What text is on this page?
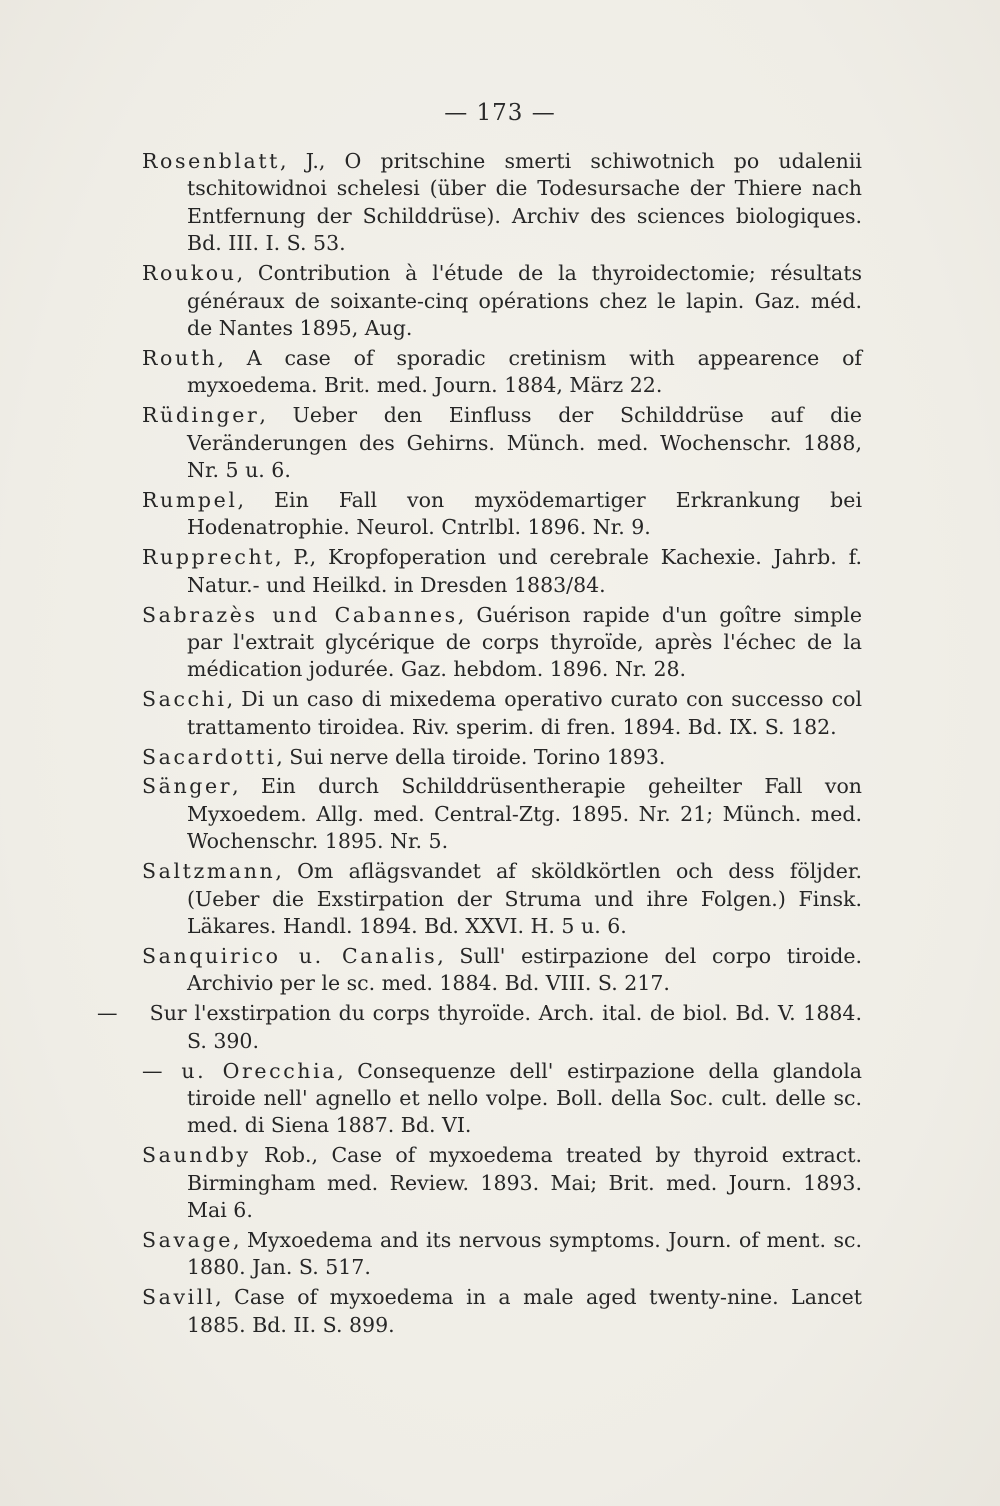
— 173 —

Rosenblatt, J., O pritschine smerti schiwotnich po udalenii tschitowidnoi schelesi (über die Todesursache der Thiere nach Entfernung der Schilddrüse). Archiv des sciences biologiques. Bd. III. I. S. 53.

Roukou, Contribution à l'étude de la thyroidectomie; résultats généraux de soixante-cinq opérations chez le lapin. Gaz. méd. de Nantes 1895, Aug.

Routh, A case of sporadic cretinism with appearence of myxoedema. Brit. med. Journ. 1884, März 22.

Rüdinger, Ueber den Einfluss der Schilddrüse auf die Veränderungen des Gehirns. Münch. med. Wochenschr. 1888, Nr. 5 u. 6.

Rumpel, Ein Fall von myxödemartiger Erkrankung bei Hodenatrophie. Neurol. Cntrlbl. 1896. Nr. 9.

Rupprecht, P., Kropfoperation und cerebrale Kachexie. Jahrb. f. Natur.- und Heilkd. in Dresden 1883/84.

Sabrazès und Cabannes, Guérison rapide d'un goître simple par l'extrait glycérique de corps thyroïde, après l'échec de la médication jodurée. Gaz. hebdom. 1896. Nr. 28.

Sacchi, Di un caso di mixedema operativo curato con successo col trattamento tiroidea. Riv. sperim. di fren. 1894. Bd. IX. S. 182.

Sacardotti, Sui nerve della tiroide. Torino 1893.

Sänger, Ein durch Schilddrüsentherapie geheilter Fall von Myxoedem. Allg. med. Central-Ztg. 1895. Nr. 21; Münch. med. Wochenschr. 1895. Nr. 5.

Saltzmann, Om aflägsvandet af sköldkörtlen och dess följder. (Ueber die Exstirpation der Struma und ihre Folgen.) Finsk. Läkares. Handl. 1894. Bd. XXVI. H. 5 u. 6.

Sanquirico u. Canalis, Sull' estirpazione del corpo tiroide. Archivio per le sc. med. 1884. Bd. VIII. S. 217.

— Sur l'exstirpation du corps thyroïde. Arch. ital. de biol. Bd. V. 1884. S. 390.

— u. Orecchia, Consequenze dell' estirpazione della glandola tiroide nell' agnello et nello volpe. Boll. della Soc. cult. delle sc. med. di Siena 1887. Bd. VI.

Saundby Rob., Case of myxoedema treated by thyroid extract. Birmingham med. Review. 1893. Mai; Brit. med. Journ. 1893. Mai 6.

Savage, Myxoedema and its nervous symptoms. Journ. of ment. sc. 1880. Jan. S. 517.

Savill, Case of myxoedema in a male aged twenty-nine. Lancet 1885. Bd. II. S. 899.
